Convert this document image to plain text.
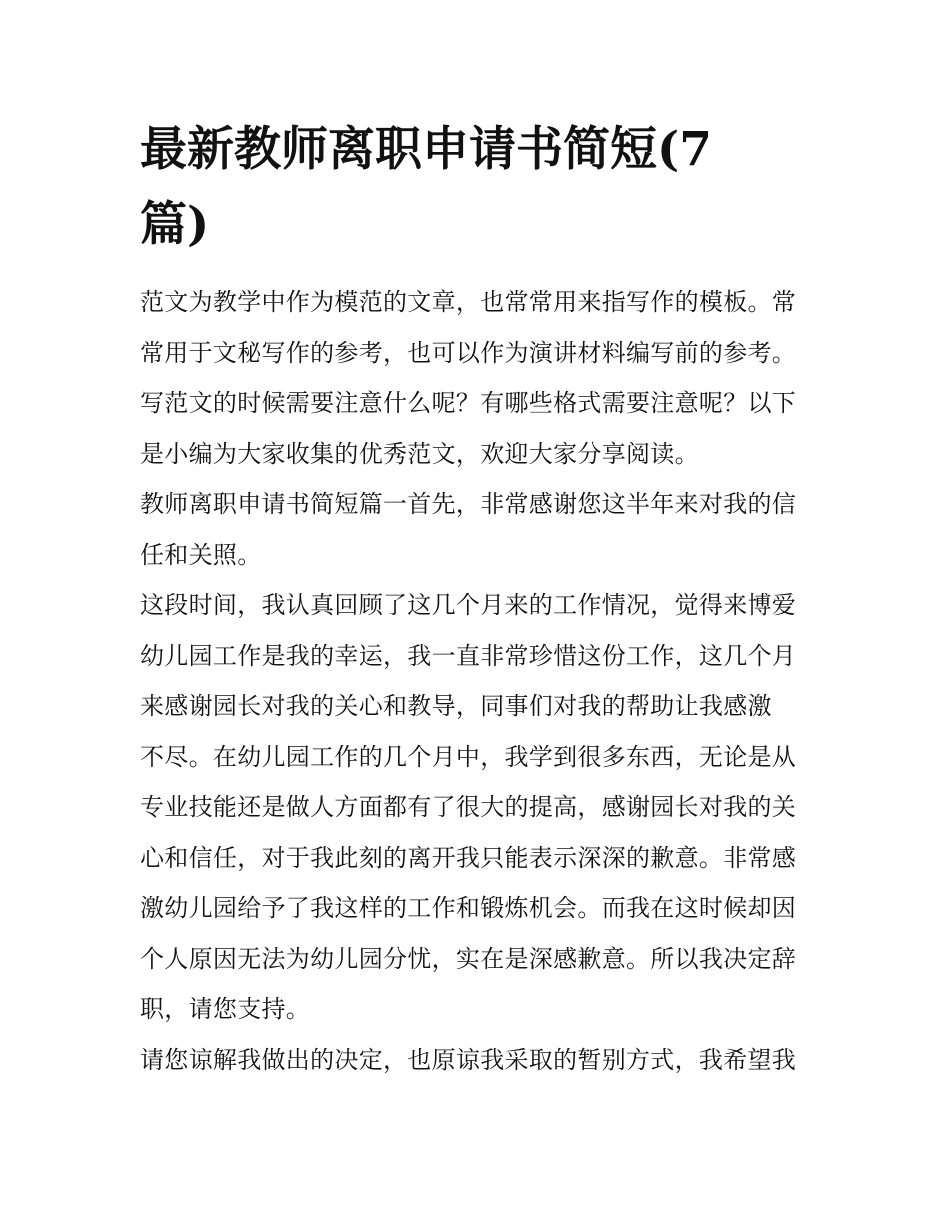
最新教师离职申请书简短(7
篇)
范文为教学中作为模范的文章，也常常用来指写作的模板。常
常用于文秘写作的参考，也可以作为演讲材料编写前的参考。
写范文的时候需要注意什么呢？有哪些格式需要注意呢？以下
是小编为大家收集的优秀范文，欢迎大家分享阅读。
教师离职申请书简短篇一首先，非常感谢您这半年来对我的信
任和关照。
这段时间，我认真回顾了这几个月来的工作情况，觉得来博爱
幼儿园工作是我的幸运，我一直非常珍惜这份工作，这几个月
来感谢园长对我的关心和教导，同事们对我的帮助让我感激
不尽。在幼儿园工作的几个月中，我学到很多东西，无论是从
专业技能还是做人方面都有了很大的提高，感谢园长对我的关
心和信任，对于我此刻的离开我只能表示深深的歉意。非常感
激幼儿园给予了我这样的工作和锻炼机会。而我在这时候却因
个人原因无法为幼儿园分忧，实在是深感歉意。所以我决定辞
职，请您支持。
请您谅解我做出的决定，也原谅我采取的暂别方式，我希望我
